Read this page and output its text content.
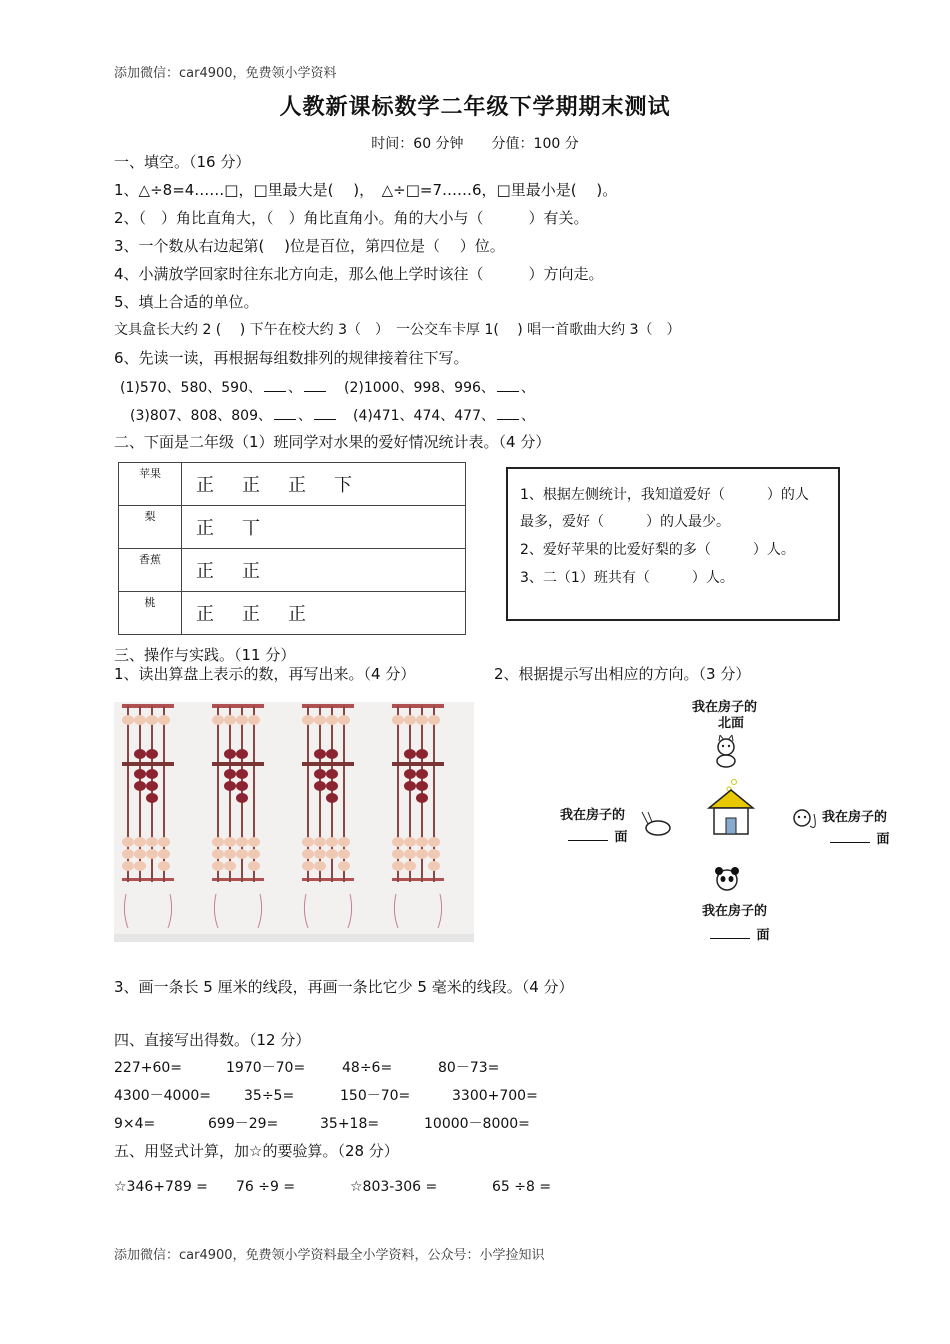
添加微信：car4900，免费领小学资料
人教新课标数学二年级下学期期末测试
时间：60 分钟　　分值：100 分
一、填空。（16 分）
1、△÷8=4……□，□里最大是(　 )，　△÷□=7……6，□里最小是(　 )。
2、（　）角比直角大，（　）角比直角小。角的大小与（　　　）有关。
3、一个数从右边起第(　 )位是百位，第四位是（　 ）位。
4、小满放学回家时往东北方向走，那么他上学时该往（　　　）方向走。
5、填上合适的单位。
文具盒长大约 2 (　 ) 下午在校大约 3（　）　一公交车卡厚 1(　 ) 唱一首歌曲大约 3（　）
6、先读一读，再根据每组数排列的规律接着往下写。
(1)570、580、590、 、	(2)1000、998、996、 、
(3)807、808、809、 、	(4)471、474、477、 、
二、下面是二年级（1）班同学对水果的爱好情况统计表。（4 分）
苹果	正正正下
梨	正丅
香蕉	正正
桃	正正正
1、根据左侧统计，我知道爱好（　　　）的人
最多，爱好（　　　）的人最少。
2、爱好苹果的比爱好梨的多（　　　）人。
3、二（1）班共有（　　　）人。
三、操作与实践。（11 分）
1、读出算盘上表示的数，再写出来。（4 分）	2、根据提示写出相应的方向。（3 分）
我在房子的
北面
我在房子的
面
我在房子的
面
我在房子的
面
3、画一条长 5 厘米的线段，再画一条比它少 5 毫米的线段。（4 分）
四、直接写出得数。（12 分）
227+60=	1970－70=	48÷6=	80－73=
4300－4000= 35÷5=	150－70=	3300+700=
9×4=	699－29=	35+18=	10000－8000=
五、用竖式计算，加☆的要验算。（28 分）
☆346+789 = 76 ÷9 =	☆803-306 =	65 ÷8 =
添加微信：car4900，免费领小学资料最全小学资料，公众号：小学捡知识
